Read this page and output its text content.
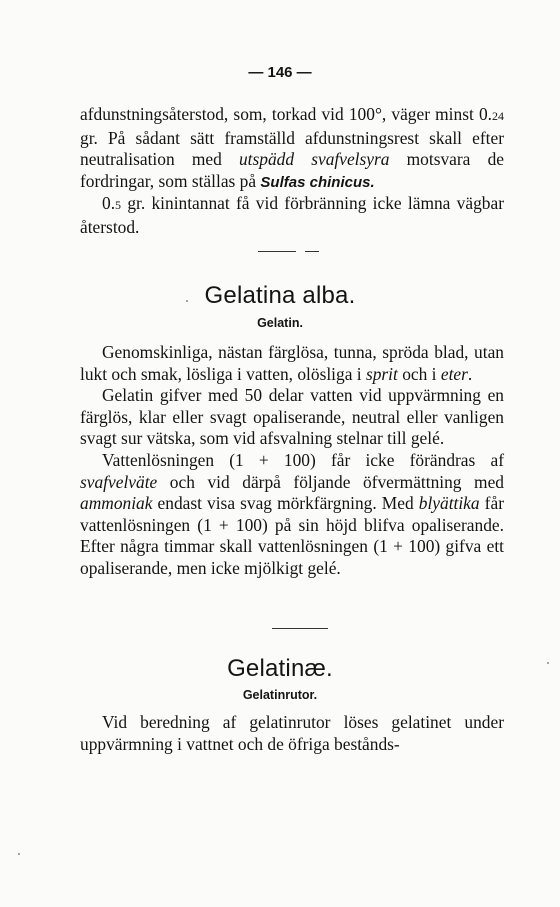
— 146 —

afdunstningsåterstod, som, torkad vid 100°, väger minst 0.24 gr. På sådant sätt framställd afdunstningsrest skall efter neutralisation med utspädd svafvelsyra motsvara de fordringar, som ställas på Sulfas chinicus.

0.5 gr. kinintannat få vid förbränning icke lämna vägbar återstod.

Gelatina alba.
Gelatin.

Genomskinliga, nästan färglösa, tunna, spröda blad, utan lukt och smak, lösliga i vatten, olösliga i sprit och i eter.

Gelatin gifver med 50 delar vatten vid uppvärmning en färglös, klar eller svagt opaliserande, neutral eller vanligen svagt sur vätska, som vid afsvalning stelnar till gelé.

Vattenlösningen (1 + 100) får icke förändras af svafvelväte och vid därpå följande öfvermättning med ammoniak endast visa svag mörkfärgning. Med blyättika får vattenlösningen (1 + 100) på sin höjd blifva opaliserande. Efter några timmar skall vattenlösningen (1 + 100) gifva ett opaliserande, men icke mjölkigt gelé.

Gelatinæ.
Gelatinrutor.

Vid beredning af gelatinrutor löses gelatinet under uppvärmning i vattnet och de öfriga bestånds-
